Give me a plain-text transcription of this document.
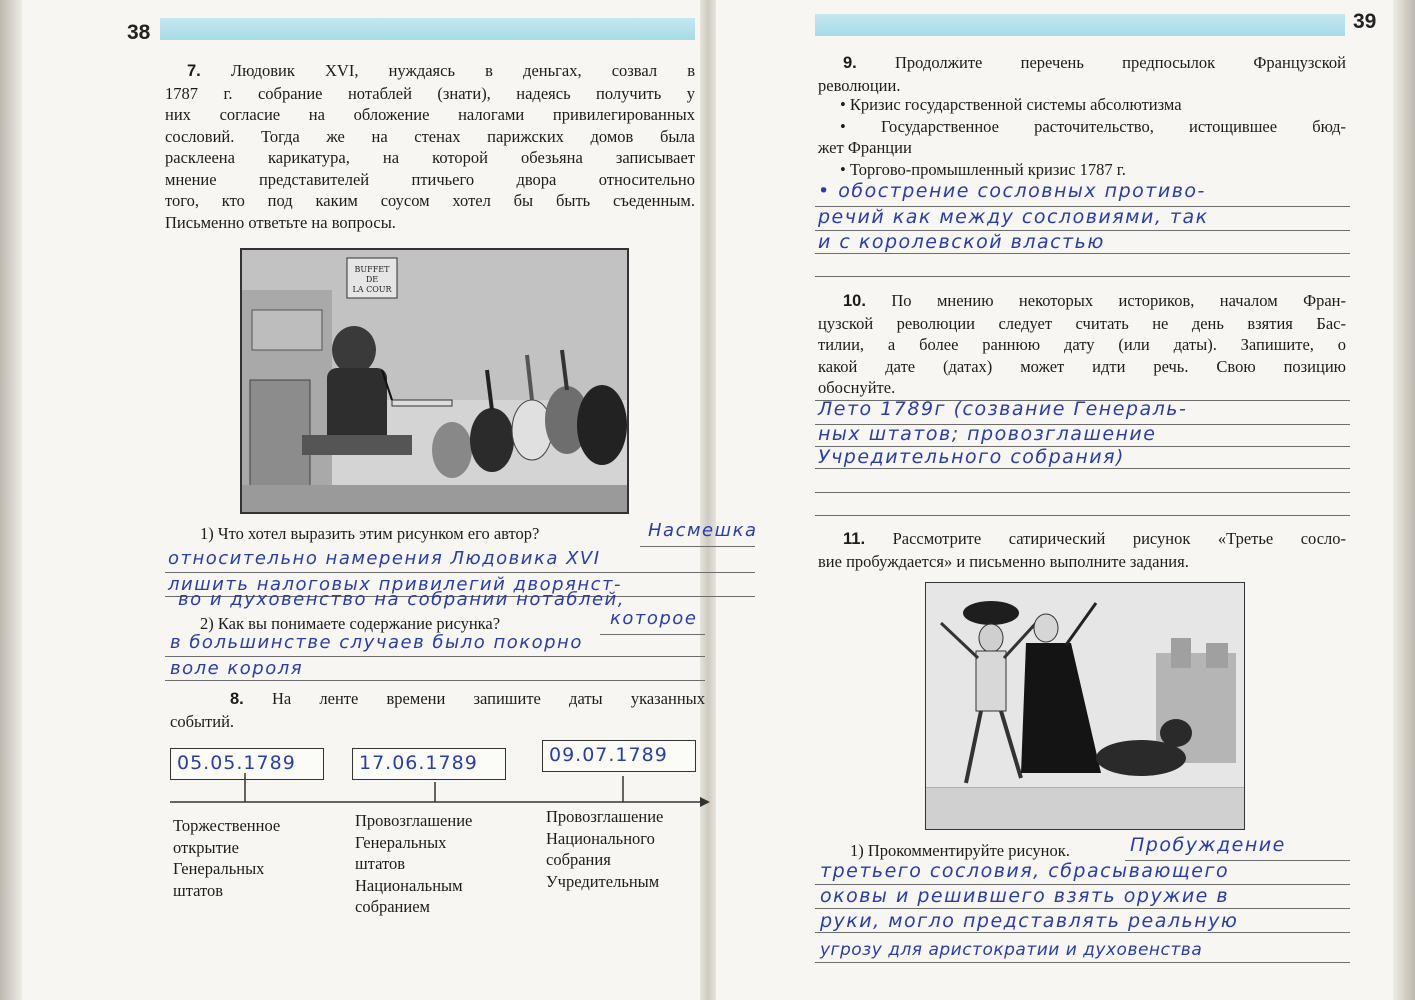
38
7. Людовик XVI, нуждаясь в деньгах, созвал в
1787 г. собрание нотаблей (знати), надеясь получить у
них согласие на обложение налогами привилегированных
сословий. Тогда же на стенах парижских домов была
расклеена карикатура, на которой обезьяна записывает
мнение представителей птичьего двора относительно
того, кто под каким соусом хотел бы быть съеденным.
Письменно ответьте на вопросы.
BUFFET
DE
LA COUR
1) Что хотел выразить этим рисунком его автор?	Насмешка
относительно намерения Людовика XVI
лишить налоговых привилегий дворянст-
во и духовенство на собрании нотаблей,
2) Как вы понимаете содержание рисунка?	которое
в большинстве случаев было покорно
воле короля
8. На ленте времени запишите даты указанных
событий.
05.05.1789	17.06.1789	09.07.1789
Торжественное
открытие
Генеральных
штатов
Провозглашение
Генеральных
штатов
Национальным
собранием
Провозглашение
Национального
собрания
Учредительным
39
9. Продолжите перечень предпосылок Французской
революции.
• Кризис государственной системы абсолютизма
• Государственное расточительство, истощившее бюд-
жет Франции
• Торгово-промышленный кризис 1787 г.
• обострение сословных противо-
речий как между сословиями, так
и с королевской властью
10. По мнению некоторых историков, началом Фран-
цузской революции следует считать не день взятия Бас-
тилии, а более раннюю дату (или даты). Запишите, о
какой дате (датах) может идти речь. Свою позицию
обоснуйте.
Лето 1789г (созвание Генераль-
ных штатов; провозглашение
Учредительного собрания)
11. Рассмотрите сатирический рисунок «Третье сосло-
вие пробуждается» и письменно выполните задания.
1) Прокомментируйте рисунок.	Пробуждение
третьего сословия, сбрасывающего
оковы и решившего взять оружие в
руки, могло представлять реальную
угрозу для аристократии и духовенства
